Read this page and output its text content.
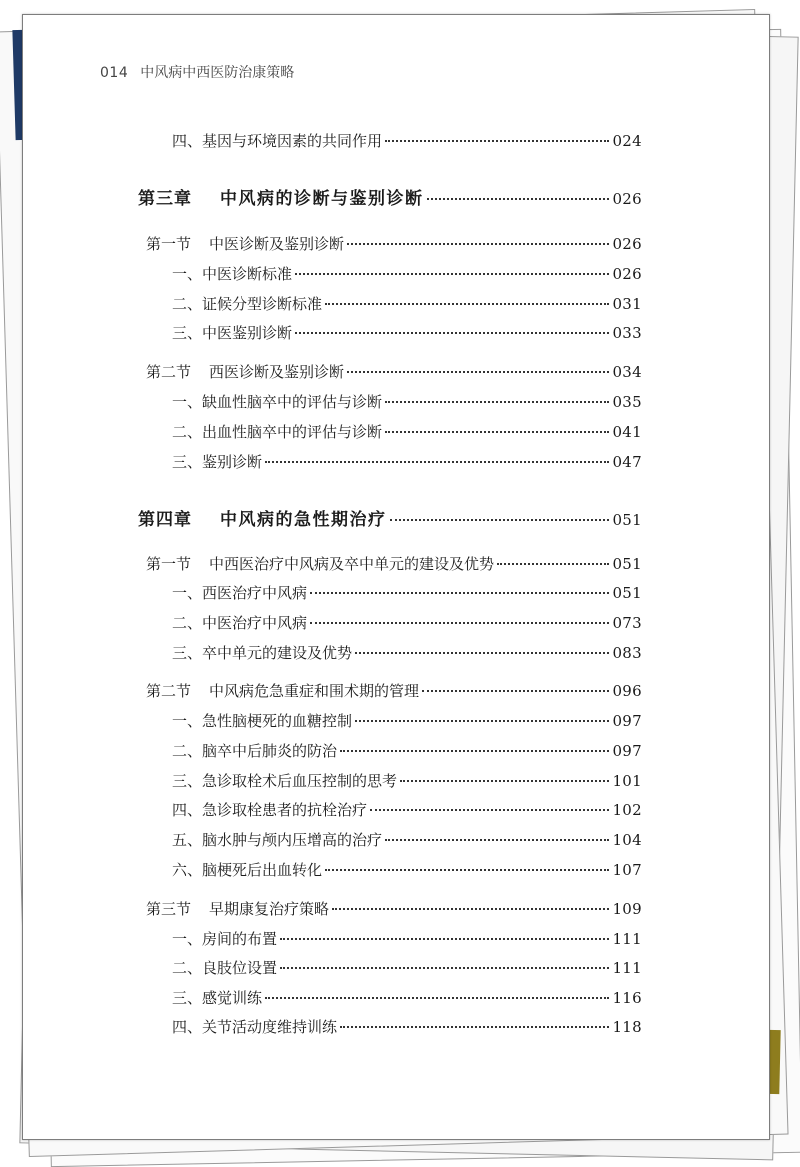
014 中风病中西医防治康策略
四、基因与环境因素的共同作用	024
第三章 中风病的诊断与鉴别诊断	026
第一节 中医诊断及鉴别诊断	026
一、中医诊断标准	026
二、证候分型诊断标准	031
三、中医鉴别诊断	033
第二节 西医诊断及鉴别诊断	034
一、缺血性脑卒中的评估与诊断	035
二、出血性脑卒中的评估与诊断	041
三、鉴别诊断	047
第四章 中风病的急性期治疗	051
第一节 中西医治疗中风病及卒中单元的建设及优势	051
一、西医治疗中风病	051
二、中医治疗中风病	073
三、卒中单元的建设及优势	083
第二节 中风病危急重症和围术期的管理	096
一、急性脑梗死的血糖控制	097
二、脑卒中后肺炎的防治	097
三、急诊取栓术后血压控制的思考	101
四、急诊取栓患者的抗栓治疗	102
五、脑水肿与颅内压增高的治疗	104
六、脑梗死后出血转化	107
第三节 早期康复治疗策略	109
一、房间的布置	111
二、良肢位设置	111
三、感觉训练	116
四、关节活动度维持训练	118
